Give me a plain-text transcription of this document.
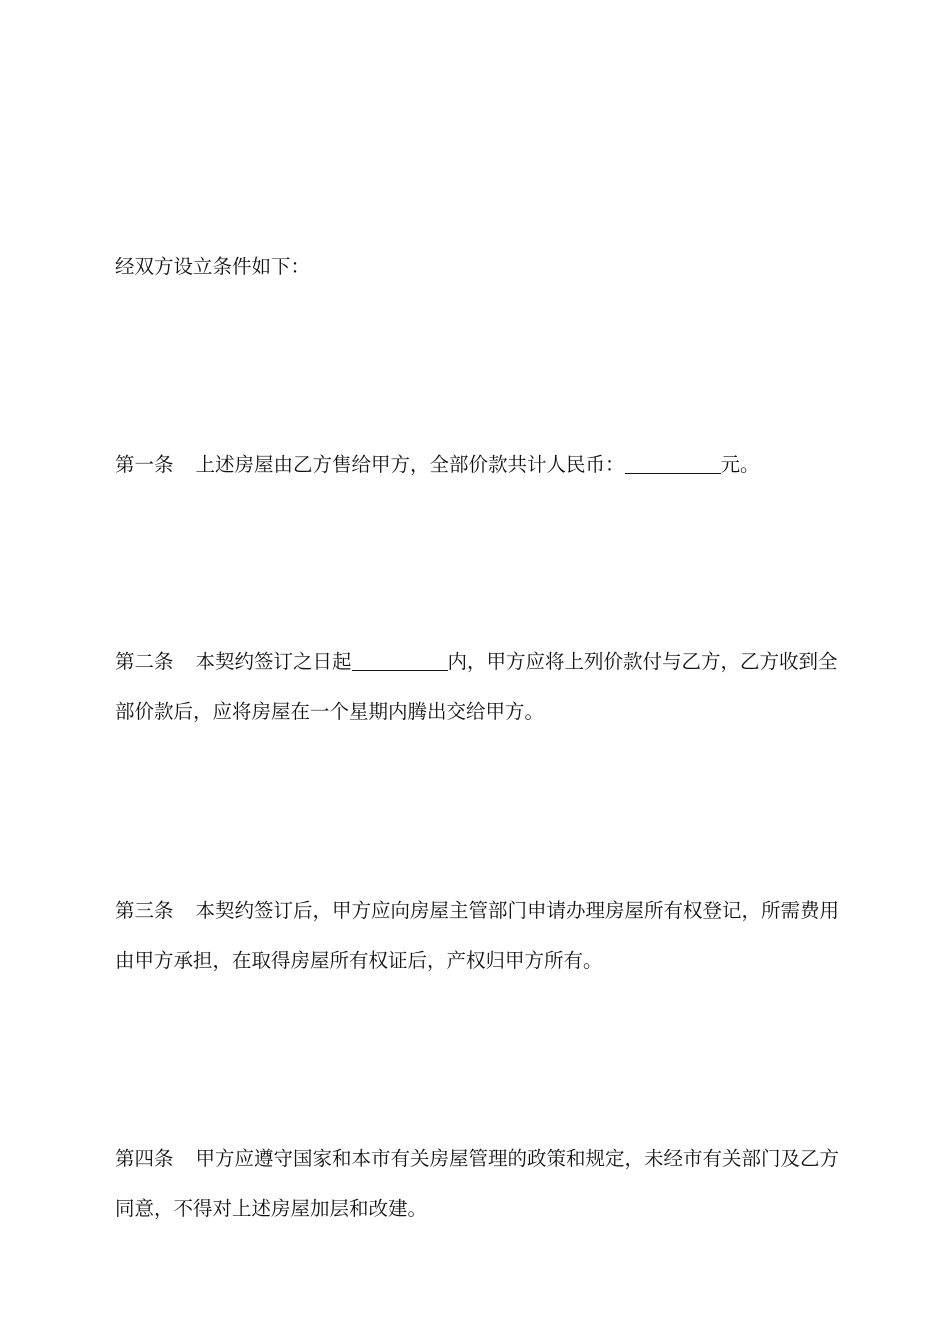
经双方设立条件如下：

第一条 上述房屋由乙方售给甲方，全部价款共计人民币：	元。

第二条 本契约签订之日起	内，甲方应将上列价款付与乙方，乙方收到全部价款后，应将房屋在一个星期内腾出交给甲方。

第三条 本契约签订后，甲方应向房屋主管部门申请办理房屋所有权登记，所需费用由甲方承担，在取得房屋所有权证后，产权归甲方所有。

第四条 甲方应遵守国家和本市有关房屋管理的政策和规定，未经市有关部门及乙方同意，不得对上述房屋加层和改建。
